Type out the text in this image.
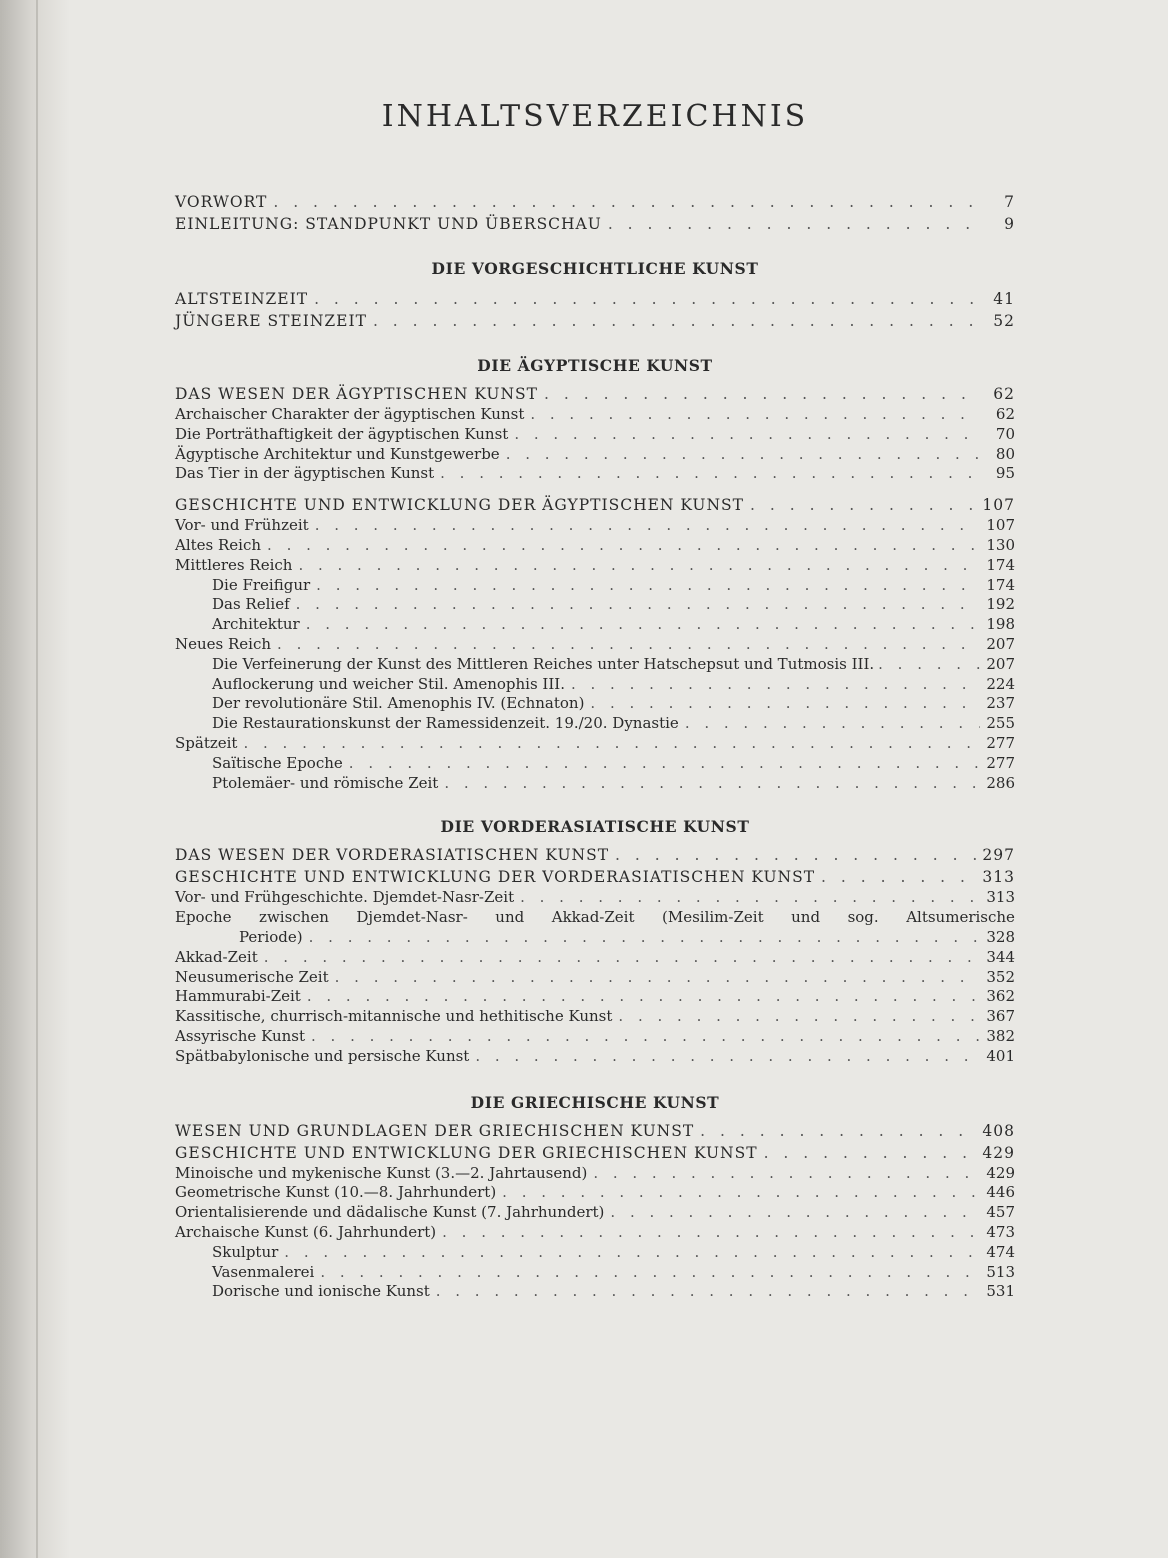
INHALTSVERZEICHNIS
VORWORT . . .	7
EINLEITUNG: STANDPUNKT UND ÜBERSCHAU . . .	9
DIE VORGESCHICHTLICHE KUNST
ALTSTEINZEIT . . .	41
JÜNGERE STEINZEIT . . .	52
DIE ÄGYPTISCHE KUNST
DAS WESEN DER ÄGYPTISCHEN KUNST . . .	62
Archaischer Charakter der ägyptischen Kunst . . .	62
Die Porträthaftigkeit der ägyptischen Kunst . . .	70
Ägyptische Architektur und Kunstgewerbe . . .	80
Das Tier in der ägyptischen Kunst . . .	95
GESCHICHTE UND ENTWICKLUNG DER ÄGYPTISCHEN KUNST . . .	107
Vor- und Frühzeit . . .	107
Altes Reich . . .	130
Mittleres Reich . . .	174
Die Freifigur . . .	174
Das Relief . . .	192
Architektur . . .	198
Neues Reich . . .	207
Die Verfeinerung der Kunst des Mittleren Reiches unter Hatschepsut und Tutmosis III. . . .	207
Auflockerung und weicher Stil. Amenophis III. . . .	224
Der revolutionäre Stil. Amenophis IV. (Echnaton) . . .	237
Die Restaurationskunst der Ramessidenzeit. 19./20. Dynastie . . .	255
Spätzeit . . .	277
Saïtische Epoche . . .	277
Ptolemäer- und römische Zeit . . .	286
DIE VORDERASIATISCHE KUNST
DAS WESEN DER VORDERASIATISCHEN KUNST . . .	297
GESCHICHTE UND ENTWICKLUNG DER VORDERASIATISCHEN KUNST . . .	313
Vor- und Frühgeschichte. Djemdet-Nasr-Zeit . . .	313
Epoche zwischen Djemdet-Nasr- und Akkad-Zeit (Mesilim-Zeit und sog. Altsumerische
Periode) . . .	328
Akkad-Zeit . . .	344
Neusumerische Zeit . . .	352
Hammurabi-Zeit . . .	362
Kassitische, churrisch-mitannische und hethitische Kunst . . .	367
Assyrische Kunst . . .	382
Spätbabylonische und persische Kunst . . .	401
DIE GRIECHISCHE KUNST
WESEN UND GRUNDLAGEN DER GRIECHISCHEN KUNST . . .	408
GESCHICHTE UND ENTWICKLUNG DER GRIECHISCHEN KUNST . . .	429
Minoische und mykenische Kunst (3.—2. Jahrtausend) . . .	429
Geometrische Kunst (10.—8. Jahrhundert) . . .	446
Orientalisierende und dädalische Kunst (7. Jahrhundert) . . .	457
Archaische Kunst (6. Jahrhundert) . . .	473
Skulptur . . .	474
Vasenmalerei . . .	513
Dorische und ionische Kunst . . .	531
